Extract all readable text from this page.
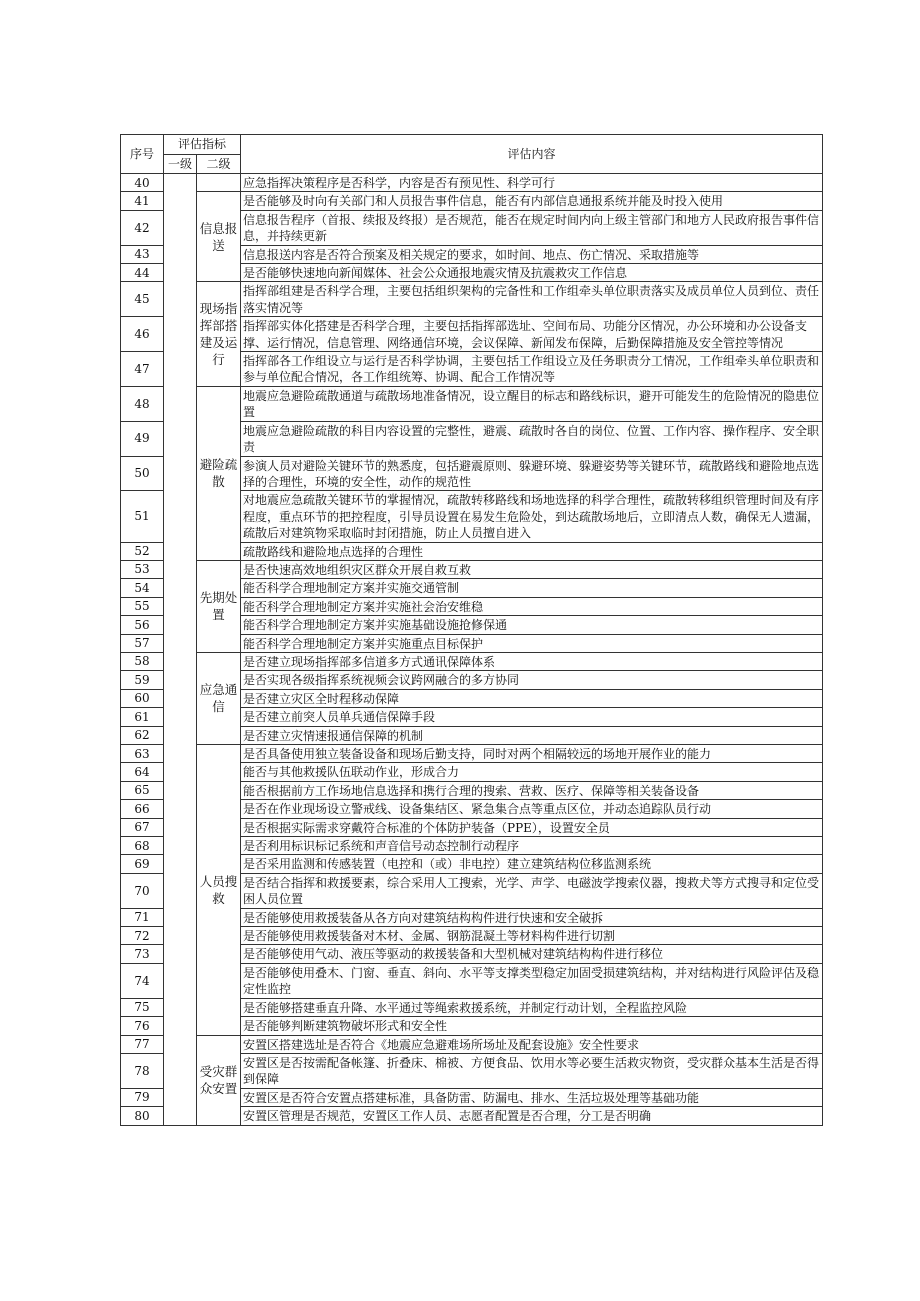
序号	评估指标		评估内容
	一级	二级	
40			应急指挥决策程序是否科学，内容是否有预见性、科学可行
41		信息报送	是否能够及时向有关部门和人员报告事件信息，能否有内部信息通报系统并能及时投入使用
42			信息报告程序（首报、续报及终报）是否规范，能否在规定时间内向上级主管部门和地方人民政府报告事件信息，并持续更新
43			信息报送内容是否符合预案及相关规定的要求，如时间、地点、伤亡情况、采取措施等
44			是否能够快速地向新闻媒体、社会公众通报地震灾情及抗震救灾工作信息
45		现场指挥部搭建及运行	指挥部组建是否科学合理，主要包括组织架构的完备性和工作组牵头单位职责落实及成员单位人员到位、责任落实情况等
46			指挥部实体化搭建是否科学合理，主要包括指挥部选址、空间布局、功能分区情况，办公环境和办公设备支撑、运行情况，信息管理、网络通信环境，会议保障、新闻发布保障，后勤保障措施及安全管控等情况
47			指挥部各工作组设立与运行是否科学协调，主要包括工作组设立及任务职责分工情况，工作组牵头单位职责和参与单位配合情况，各工作组统筹、协调、配合工作情况等
48		避险疏散	地震应急避险疏散通道与疏散场地准备情况，设立醒目的标志和路线标识，避开可能发生的危险情况的隐患位置
49			地震应急避险疏散的科目内容设置的完整性，避震、疏散时各自的岗位、位置、工作内容、操作程序、安全职责
50			参演人员对避险关键环节的熟悉度，包括避震原则、躲避环境、躲避姿势等关键环节，疏散路线和避险地点选择的合理性，环境的安全性，动作的规范性
51			对地震应急疏散关键环节的掌握情况，疏散转移路线和场地选择的科学合理性，疏散转移组织管理时间及有序程度，重点环节的把控程度，引导员设置在易发生危险处，到达疏散场地后，立即清点人数，确保无人遗漏，疏散后对建筑物采取临时封闭措施，防止人员擅自进入
52			疏散路线和避险地点选择的合理性
53		先期处置	是否快速高效地组织灾区群众开展自救互救
54			能否科学合理地制定方案并实施交通管制
55			能否科学合理地制定方案并实施社会治安维稳
56			能否科学合理地制定方案并实施基础设施抢修保通
57			能否科学合理地制定方案并实施重点目标保护
58		应急通信	是否建立现场指挥部多信道多方式通讯保障体系
59			是否实现各级指挥系统视频会议跨网融合的多方协同
60			是否建立灾区全时程移动保障
61			是否建立前突人员单兵通信保障手段
62			是否建立灾情速报通信保障的机制
63		人员搜救	是否具备使用独立装备设备和现场后勤支持，同时对两个相隔较远的场地开展作业的能力
64			能否与其他救援队伍联动作业，形成合力
65			能否根据前方工作场地信息选择和携行合理的搜索、营救、医疗、保障等相关装备设备
66			是否在作业现场设立警戒线、设备集结区、紧急集合点等重点区位，并动态追踪队员行动
67			是否根据实际需求穿戴符合标准的个体防护装备（PPE），设置安全员
68			是否利用标识标记系统和声音信号动态控制行动程序
69			是否采用监测和传感装置（电控和（或）非电控）建立建筑结构位移监测系统
70			是否结合指挥和救援要素，综合采用人工搜索，光学、声学、电磁波学搜索仪器，搜救犬等方式搜寻和定位受困人员位置
71			是否能够使用救援装备从各方向对建筑结构构件进行快速和安全破拆
72			是否能够使用救援装备对木材、金属、钢筋混凝土等材料构件进行切割
73			是否能够使用气动、液压等驱动的救援装备和大型机械对建筑结构构件进行移位
74			是否能够使用叠木、门窗、垂直、斜向、水平等支撑类型稳定加固受损建筑结构，并对结构进行风险评估及稳定性监控
75			是否能够搭建垂直升降、水平通过等绳索救援系统，并制定行动计划，全程监控风险
76			是否能够判断建筑物破坏形式和安全性
77		受灾群众安置	安置区搭建选址是否符合《地震应急避难场所场址及配套设施》安全性要求
78			安置区是否按需配备帐篷、折叠床、棉被、方便食品、饮用水等必要生活救灾物资，受灾群众基本生活是否得到保障
79			安置区是否符合安置点搭建标准，具备防雷、防漏电、排水、生活垃圾处理等基础功能
80			安置区管理是否规范，安置区工作人员、志愿者配置是否合理，分工是否明确
